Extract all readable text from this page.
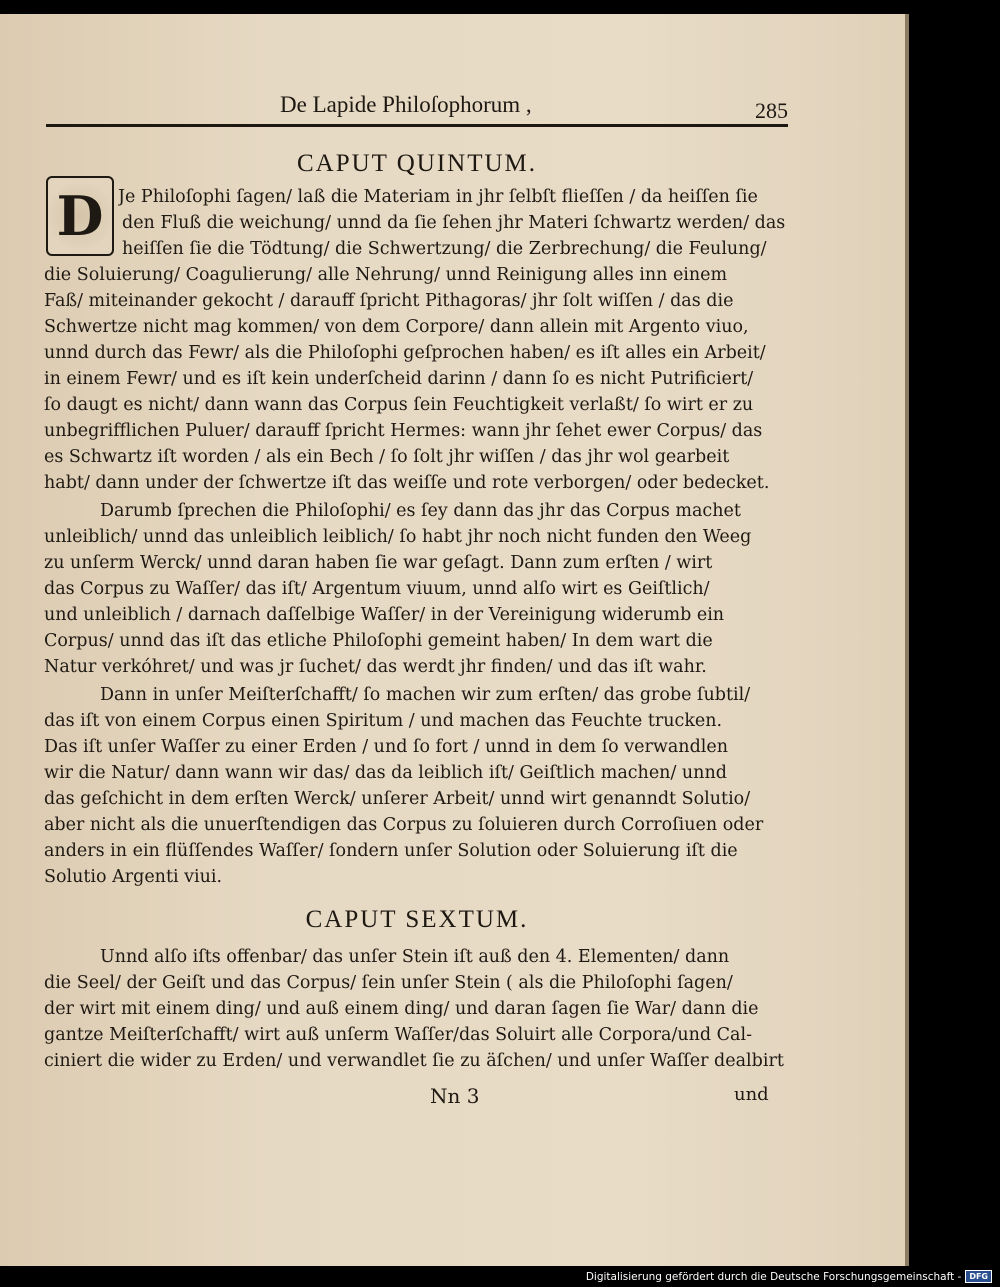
De Lapide Philoſophorum ,	285
CAPUT QUINTUM.
D Je Philoſophi ſagen/ laß die Materiam in jhr ſelbſt flieſſen / da heiſſen ſie
den Fluß die weichung/ unnd da ſie ſehen jhr Materi ſchwartz werden/ das
heiſſen ſie die Tödtung/ die Schwertzung/ die Zerbrechung/ die Feulung/
die Soluierung/ Coagulierung/ alle Nehrung/ unnd Reinigung alles inn einem
Faß/ miteinander gekocht / darauff ſpricht Pithagoras/ jhr ſolt wiſſen / das die
Schwertze nicht mag kommen/ von dem Corpore/ dann allein mit Argento viuo,
unnd durch das Fewr/ als die Philoſophi geſprochen haben/ es iſt alles ein Arbeit/
in einem Fewr/ und es iſt kein underſcheid darinn / dann ſo es nicht Putrificiert/
ſo daugt es nicht/ dann wann das Corpus ſein Feuchtigkeit verlaßt/ ſo wirt er zu
unbegrifflichen Puluer/ darauff ſpricht Hermes: wann jhr ſehet ewer Corpus/ das
es Schwartz iſt worden / als ein Bech / ſo ſolt jhr wiſſen / das jhr wol gearbeit
habt/ dann under der ſchwertze iſt das weiſſe und rote verborgen/ oder bedecket.
Darumb ſprechen die Philoſophi/ es ſey dann das jhr das Corpus machet
unleiblich/ unnd das unleiblich leiblich/ ſo habt jhr noch nicht funden den Weeg
zu unſerm Werck/ unnd daran haben ſie war geſagt. Dann zum erſten / wirt
das Corpus zu Waſſer/ das iſt/ Argentum viuum, unnd alſo wirt es Geiſtlich/
und unleiblich / darnach daſſelbige Waſſer/ in der Vereinigung widerumb ein
Corpus/ unnd das iſt das etliche Philoſophi gemeint haben/ In dem wart die
Natur verkóhret/ und was jr ſuchet/ das werdt jhr finden/ und das iſt wahr.
Dann in unſer Meiſterſchafft/ ſo machen wir zum erſten/ das grobe ſubtil/
das iſt von einem Corpus einen Spiritum / und machen das Feuchte trucken.
Das iſt unſer Waſſer zu einer Erden / und ſo fort / unnd in dem ſo verwandlen
wir die Natur/ dann wann wir das/ das da leiblich iſt/ Geiſtlich machen/ unnd
das geſchicht in dem erſten Werck/ unſerer Arbeit/ unnd wirt genanndt Solutio/
aber nicht als die unuerſtendigen das Corpus zu ſoluieren durch Corroſiuen oder
anders in ein flüſſendes Waſſer/ ſondern unſer Solution oder Soluierung iſt die
Solutio Argenti viui.
CAPUT SEXTUM.
Unnd alſo iſts offenbar/ das unſer Stein iſt auß den 4. Elementen/ dann
die Seel/ der Geiſt und das Corpus/ ſein unſer Stein ( als die Philoſophi ſagen/
der wirt mit einem ding/ und auß einem ding/ und daran ſagen ſie War/ dann die
gantze Meiſterſchafft/ wirt auß unſerm Waſſer/das Soluirt alle Corpora/und Cal-
ciniert die wider zu Erden/ und verwandlet ſie zu äſchen/ und unſer Waſſer dealbirt
Nn 3	und
Digitalisierung gefördert durch die Deutsche Forschungsgemeinschaft -	DFG
